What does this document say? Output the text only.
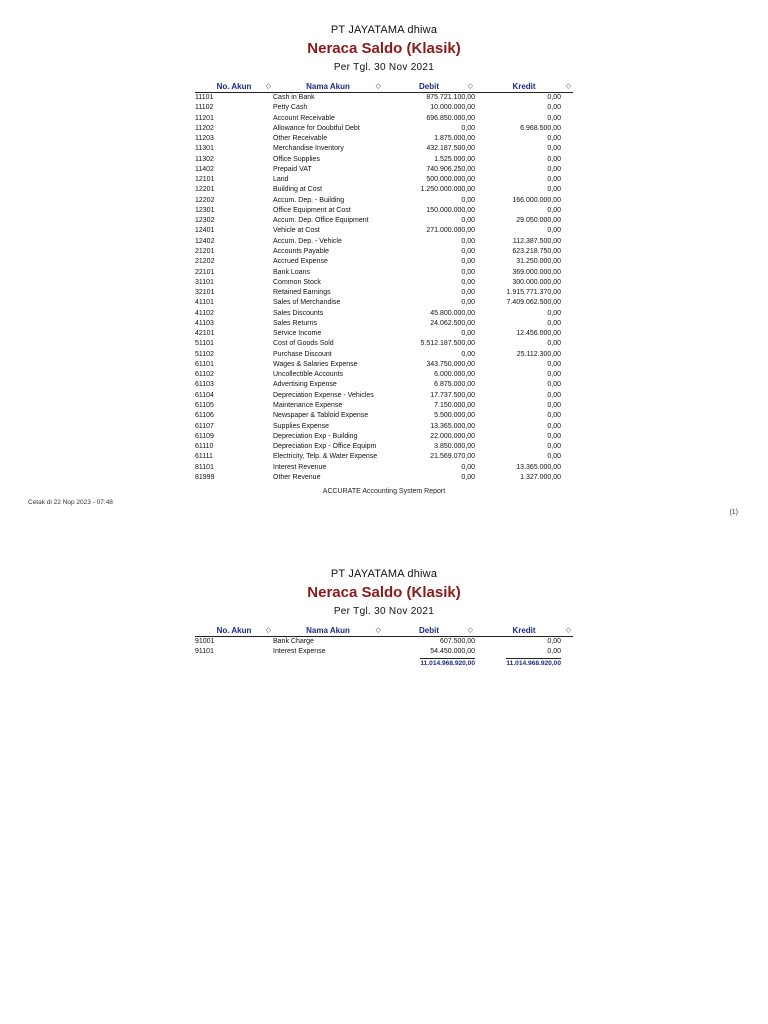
PT JAYATAMA dhiwa
Neraca Saldo (Klasik)
Per Tgl. 30 Nov 2021
No. Akun ◇	Nama Akun ◇	Debit ◇	Kredit ◇

11101	Cash in Bank	875.721.100,00	0,00
11102	Petty Cash	10.000.000,00	0,00
11201	Account Receivable	696.850.000,00	0,00
11202	Allowance for Doubtful Debt	0,00	6.968.500,00
11203	Other Receivable	1.875.000,00	0,00
11301	Merchandise Inventory	432.187.500,00	0,00
11302	Office Supplies	1.525.000,00	0,00
11402	Prepaid VAT	740.906.250,00	0,00
12101	Land	500.000.000,00	0,00
12201	Building at Cost	1.250.000.000,00	0,00
12202	Accum. Dep. - Building	0,00	166.000.000,00
12301	Office Equipment at Cost	150.000.000,00	0,00
12302	Accum. Dep. Office Equipment	0,00	29.050.000,00
12401	Vehicle at Cost	271.000.000,00	0,00
12402	Accum. Dep. - Vehicle	0,00	112.387.500,00
21201	Accounts Payable	0,00	623.218.750,00
21202	Accrued Expense	0,00	31.250.000,00
22101	Bank Loans	0,00	369.000.000,00
31101	Common Stock	0,00	300.000.000,00
32101	Retained Earnings	0,00	1.915.771.370,00
41101	Sales of Merchandise	0,00	7.409.062.500,00
41102	Sales Discounts	45.800.000,00	0,00
41103	Sales Returns	24.062.500,00	0,00
42101	Service Income	0,00	12.456.000,00
51101	Cost of Goods Sold	5.512.187.500,00	0,00
51102	Purchase Discount	0,00	25.112.300,00
61101	Wages & Salaries Expense	343.750.000,00	0,00
61102	Uncollectible Accounts	6.000.000,00	0,00
61103	Advertising Expense	6.875.000,00	0,00
61104	Depreciation Expense - Vehicles	17.737.500,00	0,00
61105	Maintenance Expense	7.150.000,00	0,00
61106	Newspaper & Tabloid Expense	5.500.000,00	0,00
61107	Supplies Expense	13.365.000,00	0,00
61109	Depreciation Exp - Building	22.000.000,00	0,00
61110	Depreciation Exp - Office Equipm	3.850.000,00	0,00
61111	Electricity, Telp. & Water Expense	21.569.070,00	0,00
81101	Interest Revenue	0,00	13.365.000,00
81999	Other Revenue	0,00	1.327.000,00
ACCURATE Accounting System Report
Cetak di 22 Nop 2023 - 07:48
(1)
PT JAYATAMA dhiwa
Neraca Saldo (Klasik)
Per Tgl. 30 Nov 2021
No. Akun ◇	Nama Akun ◇	Debit ◇	Kredit ◇

91001	Bank Charge	607.500,00	0,00
91101	Interest Expense	54.450.000,00	0,00
		11.014.968.920,00	11.014.968.920,00
